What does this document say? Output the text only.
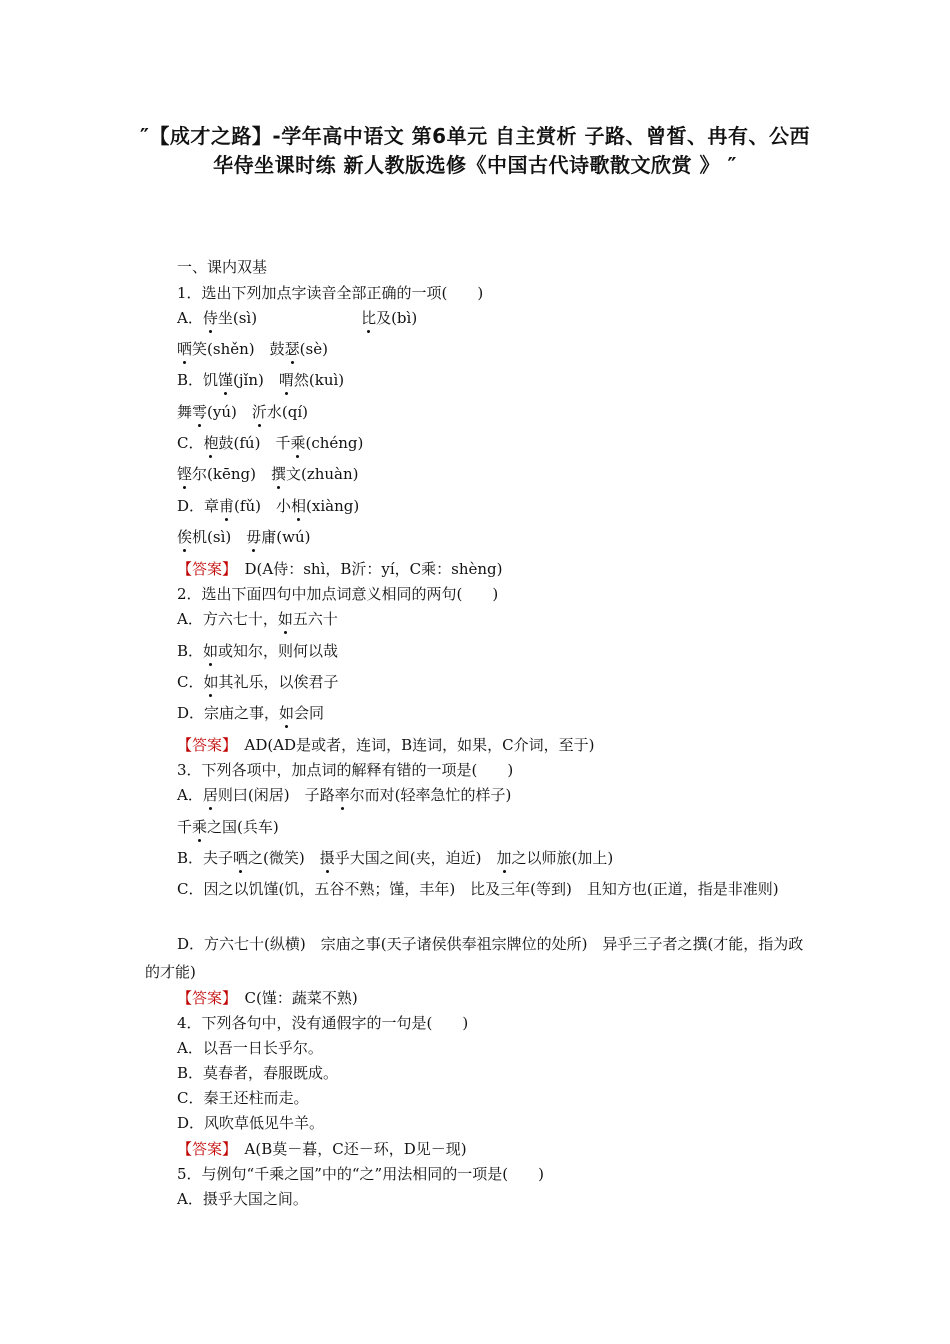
″【成才之路】-学年高中语文 第6单元 自主赏析 子路、曾皙、冉有、公西华侍坐课时练 新人教版选修《中国古代诗歌散文欣赏 》 ″
一、课内双基
1．选出下列加点字读音全部正确的一项(　　)
A．侍坐(sì)	比及(bì)
哂笑(shěn)　 鼓瑟(sè)
B．饥馑(jǐn)　 喟然(kuì)
舞雩(yú)　 沂水(qí)
C．枹鼓(fú)　 千乘(chéng)
铿尔(kēng)　 撰文(zhuàn)
D．章甫(fǔ)　 小相(xiàng)
俟机(sì)　 毋庸(wú)
【答案】　D(A侍：shì，B沂：yí，C乘：shèng)
2．选出下面四句中加点词意义相同的两句(　　)
A．方六七十，如五六十
B．如或知尔，则何以哉
C．如其礼乐，以俟君子
D．宗庙之事，如会同
【答案】　AD(AD是或者，连词，B连词，如果，C介词，至于)
3．下列各项中，加点词的解释有错的一项是(　　)
A．居则曰(闲居)　子路率尔而对(轻率急忙的样子)
千乘之国(兵车)
B．夫子哂之(微笑)　摄乎大国之间(夹，迫近)　加之以师旅(加上)
C．因之以饥馑(饥，五谷不熟；馑，丰年)　比及三年(等到)　且知方也(正道，指是非准则)
D．方六七十(纵横)　宗庙之事(天子诸侯供奉祖宗牌位的处所)　异乎三子者之撰(才能，指为政的才能)
【答案】　C(馑：蔬菜不熟)
4．下列各句中，没有通假字的一句是(　　)
A．以吾一日长乎尔。
B．莫春者，春服既成。
C．秦王还柱而走。
D．风吹草低见牛羊。
【答案】　A(B莫－暮，C还－环，D见－现)
5．与例句“千乘之国”中的“之”用法相同的一项是(　　)
A．摄乎大国之间。
